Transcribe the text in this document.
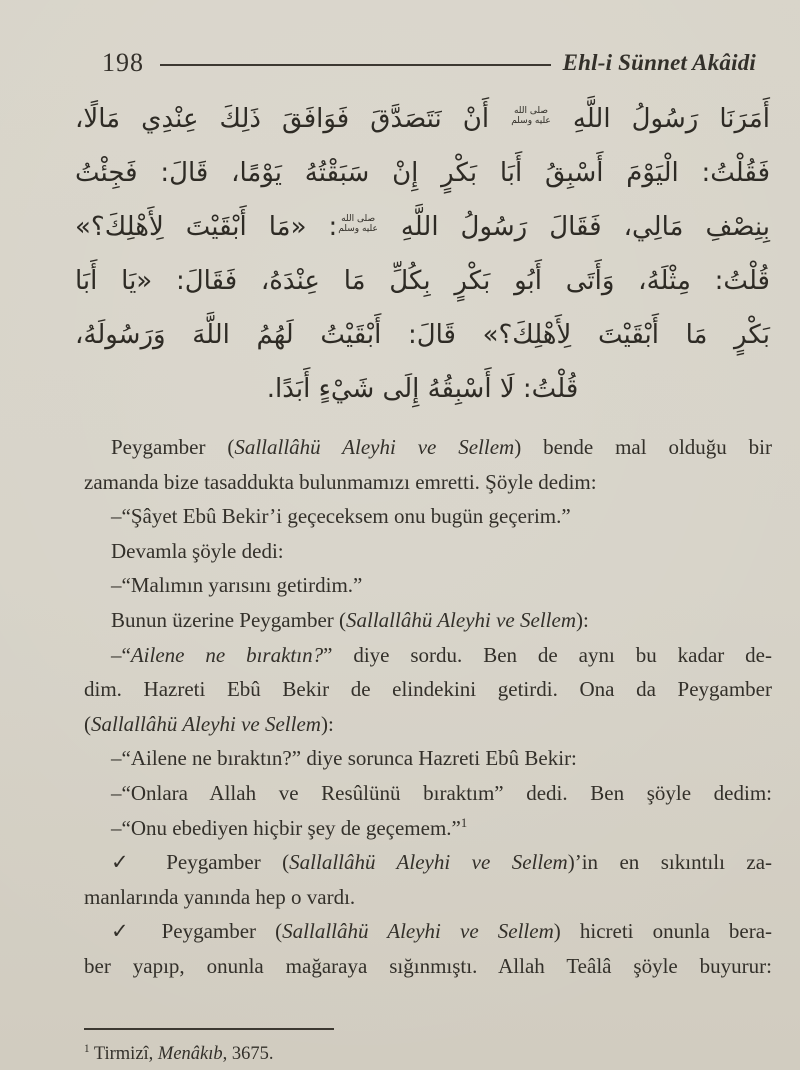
198	Ehl-i Sünnet Akâidi
أَمَرَنَا رَسُولُ اللَّهِ
صلى الله
عليه وسلم
أَنْ نَتَصَدَّقَ فَوَافَقَ ذَلِكَ عِنْدِي مَالًا،
فَقُلْتُ: الْيَوْمَ أَسْبِقُ أَبَا بَكْرٍ إِنْ سَبَقْتُهُ يَوْمًا، قَالَ: فَجِئْتُ
بِنِصْفِ مَالِي، فَقَالَ رَسُولُ اللَّهِ
صلى الله
عليه وسلم
: «مَا أَبْقَيْتَ لِأَهْلِكَ؟»
قُلْتُ: مِثْلَهُ، وَأَتَى أَبُو بَكْرٍ بِكُلِّ مَا عِنْدَهُ، فَقَالَ: «يَا أَبَا
بَكْرٍ مَا أَبْقَيْتَ لِأَهْلِكَ؟» قَالَ: أَبْقَيْتُ لَهُمُ اللَّهَ وَرَسُولَهُ،
قُلْتُ: لَا أَسْبِقُهُ إِلَى شَيْءٍ أَبَدًا.
Peygamber (Sallallâhü Aleyhi ve Sellem) bende mal olduğu bir
zamanda bize tasaddukta bulunmamızı emretti. Şöyle dedim:
–“Şâyet Ebû Bekir’i geçeceksem onu bugün geçerim.”
Devamla şöyle dedi:
–“Malımın yarısını getirdim.”
Bunun üzerine Peygamber (Sallallâhü Aleyhi ve Sellem):
–“Ailene ne bıraktın?” diye sordu. Ben de aynı bu kadar de-
dim. Hazreti Ebû Bekir de elindekini getirdi. Ona da Peygamber
(Sallallâhü Aleyhi ve Sellem):
–“Ailene ne bıraktın?” diye sorunca Hazreti Ebû Bekir:
–“Onlara Allah ve Resûlünü bıraktım” dedi. Ben şöyle dedim:
–“Onu ebediyen hiçbir şey de geçemem.”$^1$
✓ Peygamber (Sallallâhü Aleyhi ve Sellem)’in en sıkıntılı za-
manlarında yanında hep o vardı.
✓ Peygamber (Sallallâhü Aleyhi ve Sellem) hicreti onunla bera-
ber yapıp, onunla mağaraya sığınmıştı. Allah Teâlâ şöyle buyurur:
$^1$ Tirmizî, Menâkıb, 3675.
